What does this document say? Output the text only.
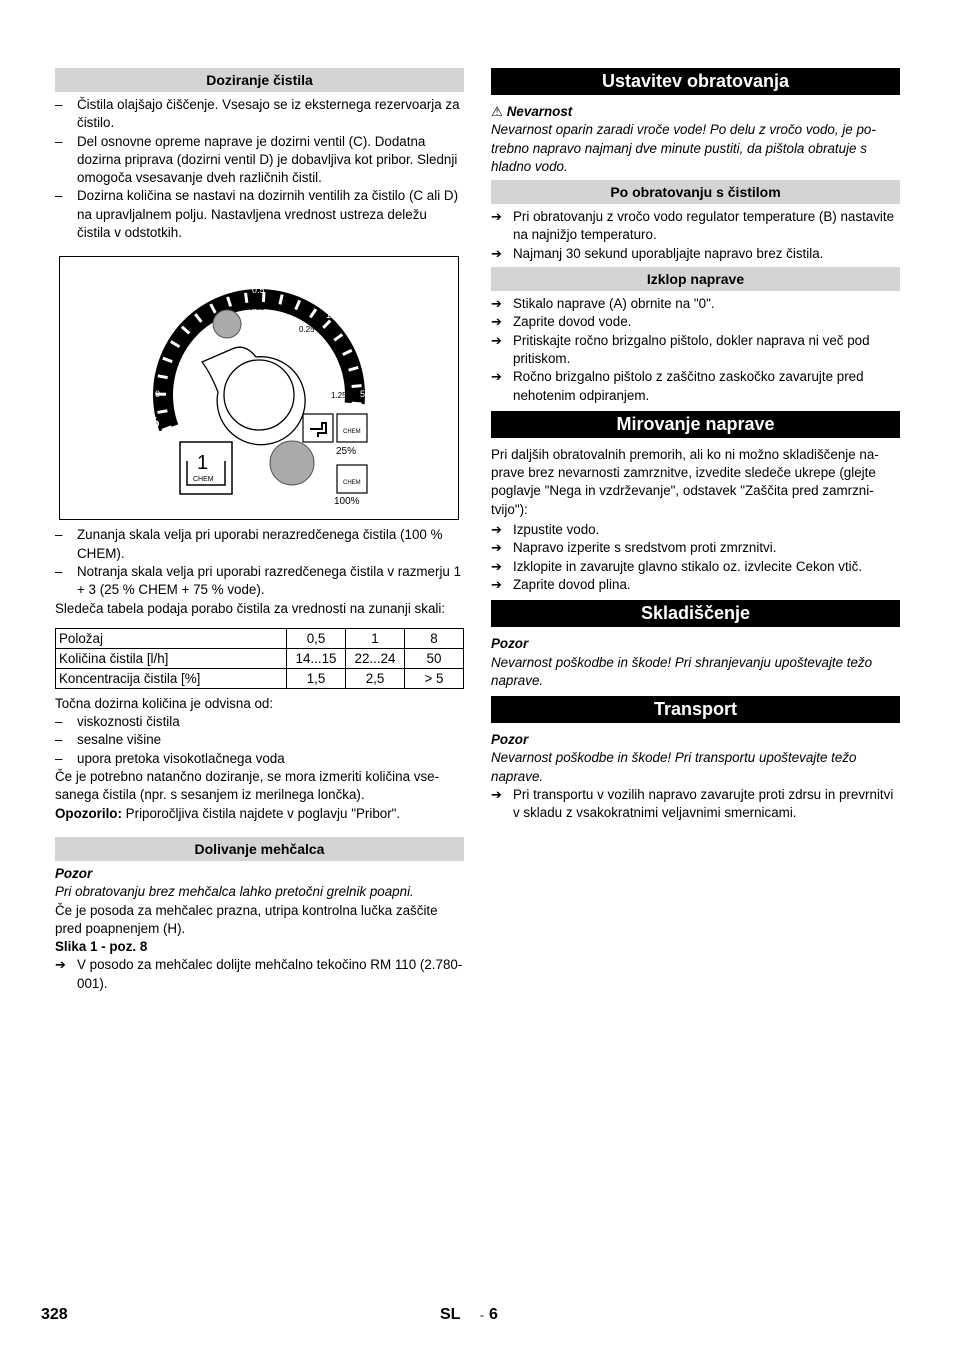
Doziranje čistila
– Čistila olajšajo čiščenje. Vsesajo se iz eksternega rezervoarja za čistilo.
– Del osnovne opreme naprave je dozirni ventil (C). Dodatna dozirna priprava (dozirni ventil D) je dobavljiva kot pribor. Slednji omogoča vsesavanje dveh različnih čistil.
– Dozirna količina se nastavi na dozirnih ventilih za čistilo (C ali D) na upravljalnem polju. Nastavljena vrednost ustreza deležu čistila v odstotkih.
0
0.5
1
5
0.12
0.25
1.25
%
1
CHEM
CHEM
25%
CHEM
100%
– Zunanja skala velja pri uporabi nerazredčenega čistila (100 % CHEM).
– Notranja skala velja pri uporabi razredčenega čistila v razmerju 1 + 3 (25 % CHEM + 75 % vode).

Sledeča tabela podaja porabo čistila za vrednosti na zunanji skali:

Položaj	0,5	1	8
Količina čistila [l/h]	14...15	22...24	50
Koncentracija čistila [%]	1,5	2,5	> 5

Točna dozirna količina je odvisna od:

– viskoznosti čistila
– sesalne višine
– upora pretoka visokotlačnega voda

Če je potrebno natančno doziranje, se mora izmeriti količina vsesanega čistila (npr. s sesanjem iz merilnega lončka).

Opozorilo: Priporočljiva čistila najdete v poglavju "Pribor".

Dolivanje mehčalca

Pozor

Pri obratovanju brez mehčalca lahko pretočni grelnik poapni.

Če je posoda za mehčalec prazna, utripa kontrolna lučka zaščite pred poapnenjem (H).

Slika 1 - poz. 8

➔ V posodo za mehčalec dolijte mehčalno tekočino RM 110 (2.780-001).
Ustavitev obratovanja

⚠ Nevarnost

Nevarnost oparin zaradi vroče vode! Po delu z vročo vodo, je potrebno napravo najmanj dve minute pustiti, da pištola obratuje s hladno vodo.

Po obratovanju s čistilom
➔ Pri obratovanju z vročo vodo regulator temperature (B) nastavite na najnižjo temperaturo.
➔ Najmanj 30 sekund uporabljajte napravo brez čistila.
Izklop naprave
➔ Stikalo naprave (A) obrnite na "0".
➔ Zaprite dovod vode.
➔ Pritiskajte ročno brizgalno pištolo, dokler naprava ni več pod pritiskom.
➔ Ročno brizgalno pištolo z zaščitno zaskočko zavarujte pred nehotenim odpiranjem.
Mirovanje naprave

Pri daljših obratovalnih premorih, ali ko ni možno skladiščenje naprave brez nevarnosti zamrznitve, izvedite sledeče ukrepe (glejte poglavje "Nega in vzdrževanje", odstavek "Zaščita pred zamrznitvijo"):

➔ Izpustite vodo.
➔ Napravo izperite s sredstvom proti zmrznitvi.
➔ Izklopite in zavarujte glavno stikalo oz. izvlecite Cekon vtič.
➔ Zaprite dovod plina.
Skladiščenje

Pozor

Nevarnost poškodbe in škode! Pri shranjevanju upoštevajte težo naprave.

Transport

Pozor

Nevarnost poškodbe in škode! Pri transportu upoštevajte težo naprave.

➔ Pri transportu v vozilih napravo zavarujte proti zdrsu in prevrnitvi v skladu z vsakokratnimi veljavnimi smernicami.
328	SL - 6
